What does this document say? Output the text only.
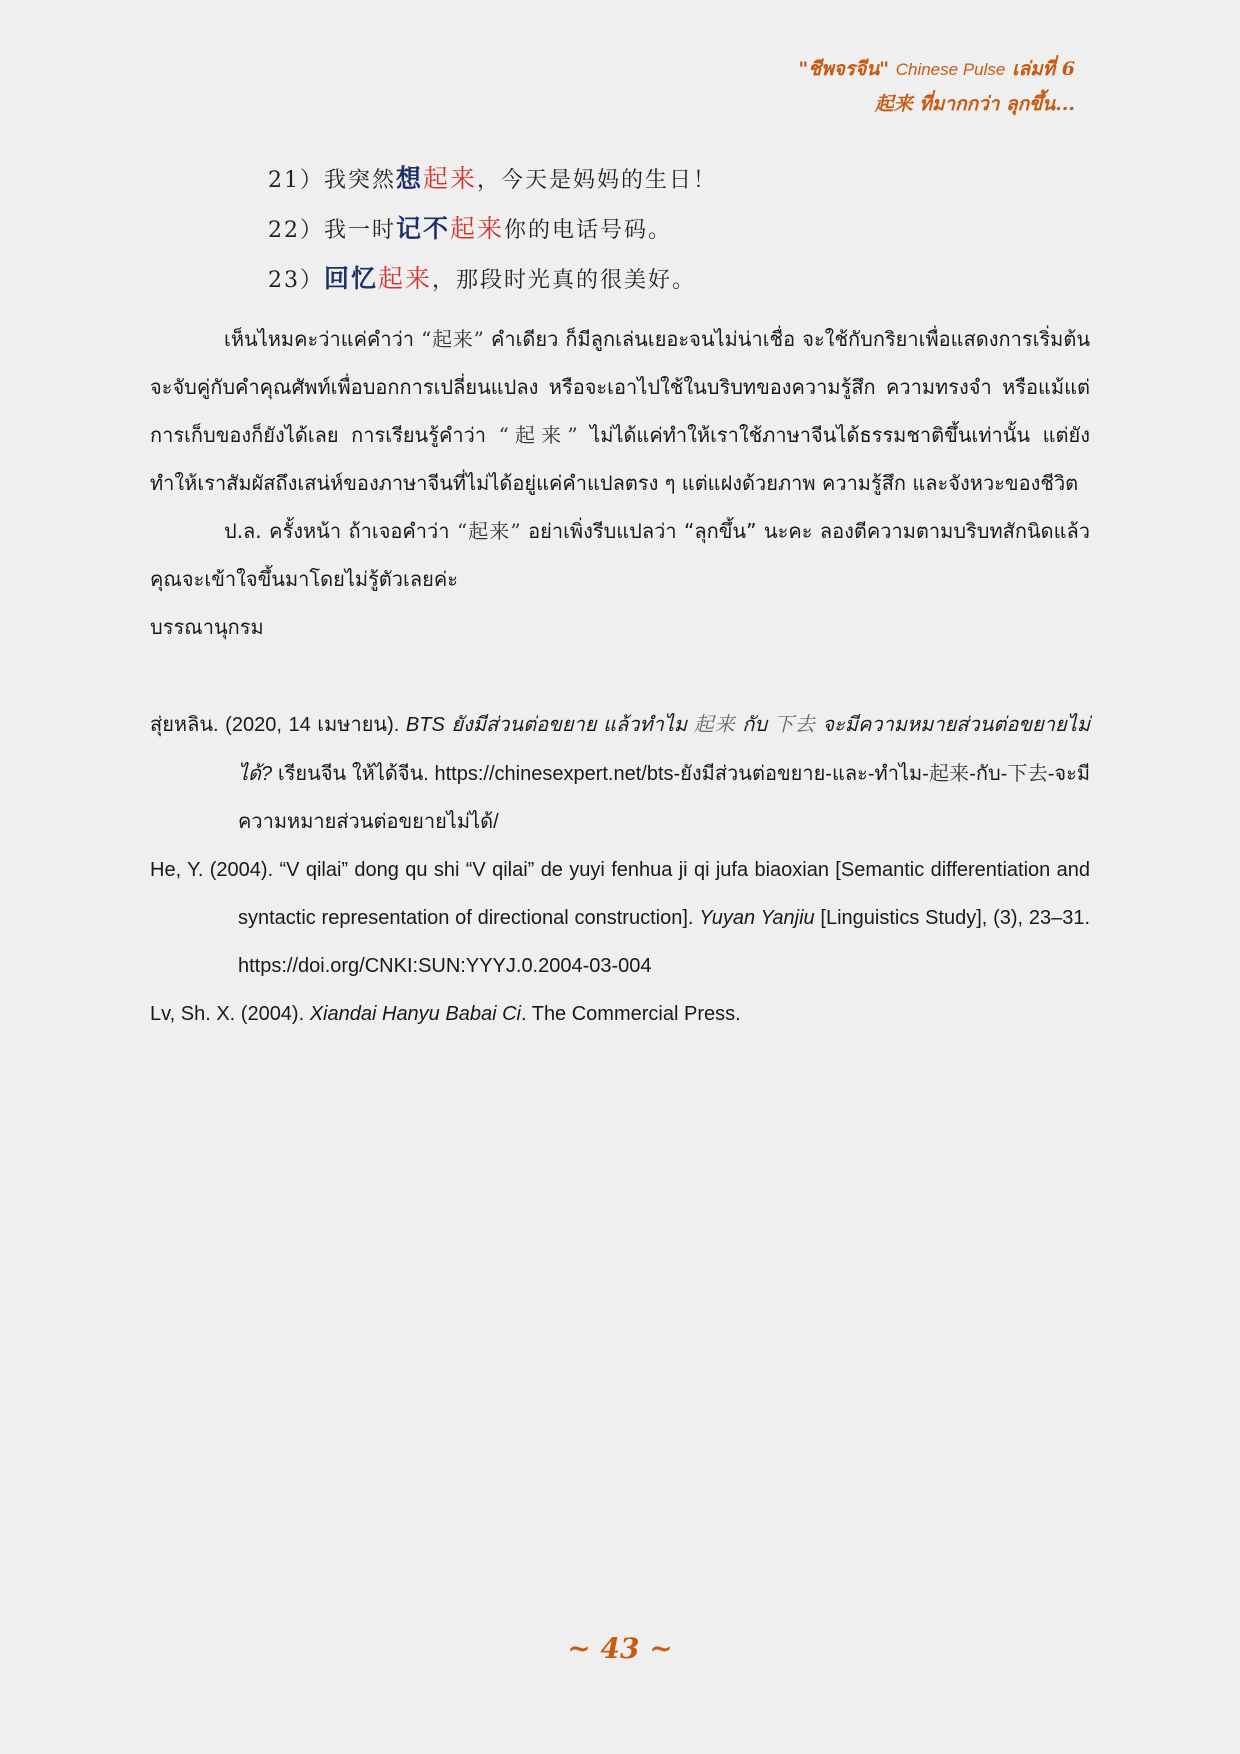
"ชีพจรจีน" Chinese Pulse เล่มที่ 6
起来 ที่มากกว่า ลุกขึ้น...
21）我突然想起来，今天是妈妈的生日！
22）我一时记不起来你的电话号码。
23）回忆起来，那段时光真的很美好。

เห็นไหมคะว่าแค่คำว่า “起来” คำเดียว ก็มีลูกเล่นเยอะจนไม่น่าเชื่อ จะใช้กับกริยาเพื่อแสดงการเริ่มต้น จะจับคู่กับคำคุณศัพท์เพื่อบอกการเปลี่ยนแปลง หรือจะเอาไปใช้ในบริบทของความรู้สึก ความทรงจำ หรือแม้แต่การเก็บของก็ยังได้เลย การเรียนรู้คำว่า “起来” ไม่ได้แค่ทำให้เราใช้ภาษาจีนได้ธรรมชาติขึ้นเท่านั้น แต่ยังทำให้เราสัมผัสถึงเสน่ห์ของภาษาจีนที่ไม่ได้อยู่แค่คำแปลตรง ๆ แต่แฝงด้วยภาพ ความรู้สึก และจังหวะของชีวิต

ป.ล. ครั้งหน้า ถ้าเจอคำว่า “起来” อย่าเพิ่งรีบแปลว่า “ลุกขึ้น” นะคะ ลองตีความตามบริบทสักนิดแล้วคุณจะเข้าใจขึ้นมาโดยไม่รู้ตัวเลยค่ะ

บรรณานุกรม

สุ่ยหลิน. (2020, 14 เมษายน). BTS ยังมีส่วนต่อขยาย แล้วทำไม 起来 กับ 下去 จะมีความหมายส่วนต่อขยายไม่ได้? เรียนจีน ให้ได้จีน. https://chinesexpert.net/bts-ยังมีส่วนต่อขยาย-และ-ทำไม-起来-กับ-下去-จะมีความหมายส่วนต่อขยายไม่ได้/

He, Y. (2004). “V qilai” dong qu shi “V qilai” de yuyi fenhua ji qi jufa biaoxian [Semantic differentiation and syntactic representation of directional construction]. Yuyan Yanjiu [Linguistics Study], (3), 23–31. https://doi.org/CNKI:SUN:YYYJ.0.2004-03-004

Lv, Sh. X. (2004). Xiandai Hanyu Babai Ci. The Commercial Press.

~ 43 ~
